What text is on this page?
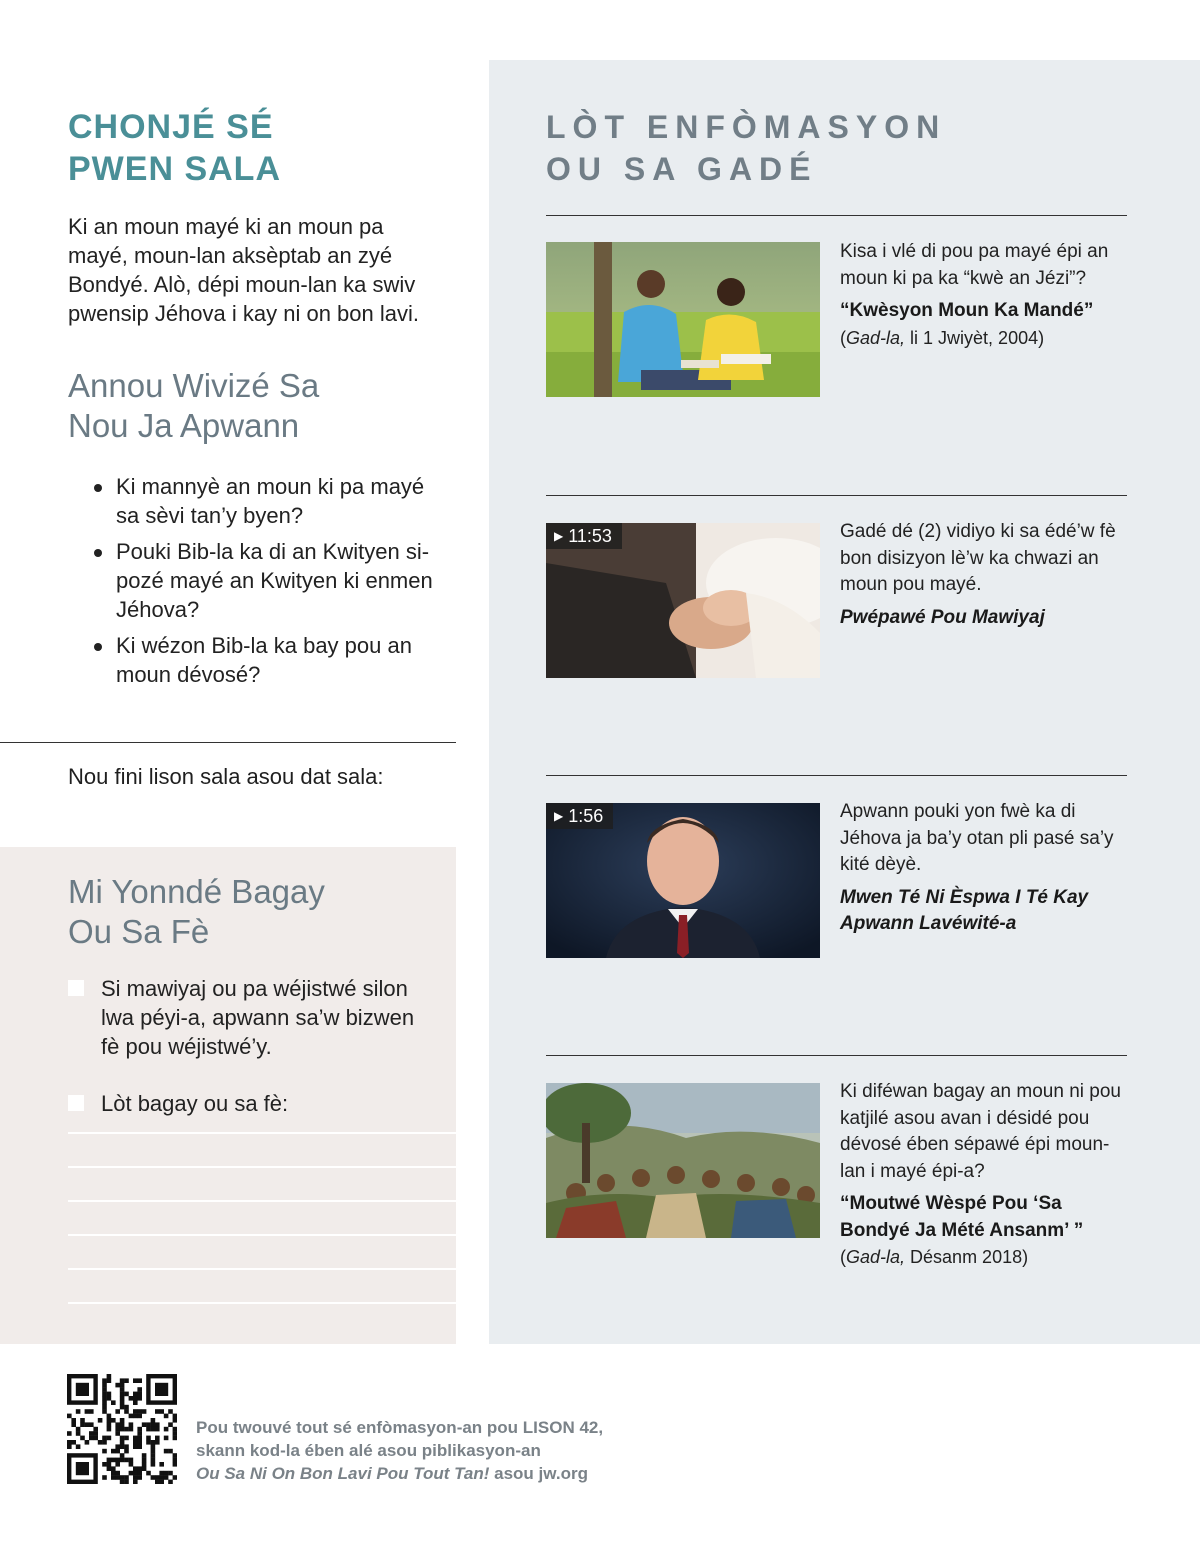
CHONJÉ SÉ
PWEN SALA

Ki an moun mayé ki an moun pa mayé, moun-lan aksèptab an zyé Bondyé. Alò, dépi moun-lan ka swiv pwensip Jéhova i kay ni on bon lavi.

Annou Wivizé Sa
Nou Ja Apwann
Ki mannyè an moun ki pa mayé sa sèvi tan’y byen?
Pouki Bib-la ka di an Kwityen si-pozé mayé an Kwityen ki enmen Jéhova?
Ki wézon Bib-la ka bay pou an moun dévosé?

Nou fini lison sala asou dat sala:

Mi Yonndé Bagay
Ou Sa Fè
Si mawiyaj ou pa wéjistwé silon lwa péyi-a, apwann sa’w bizwen fè pou wéjistwé’y.
Lòt bagay ou sa fè:
LÒT ENFÒMASYON
OU SA GADÉ

Kisa i vlé di pou pa mayé épi an moun ki pa ka “kwè an Jézi”?

“Kwèsyon Moun Ka Mandé”

(Gad-la, li 1 Jwiyèt, 2004)

▶ 11:53	Gadé dé (2) vidiyo ki sa édé’w fè bon disizyon lè’w ka chwazi an moun pou mayé.

Pwépawé Pou Mawiyaj

▶ 1:56	Apwann pouki yon fwè ka di Jéhova ja ba’y otan pli pasé sa’y kité dèyè.

Mwen Té Ni Èspwa I Té Kay
Apwann Lavéwité-a

Ki diféwan bagay an moun ni pou katjilé asou avan i désidé pou dévosé ében sépawé épi moun-lan i mayé épi-a?

“Moutwé Wèspé Pou ‘Sa
Bondyé Ja Mété Ansanm’ ”

(Gad-la, Désanm 2018)

Pou twouvé tout sé enfòmasyon-an pou LISON 42,
skann kod-la ében alé asou piblikasyon-an
Ou Sa Ni On Bon Lavi Pou Tout Tan! asou jw.org
